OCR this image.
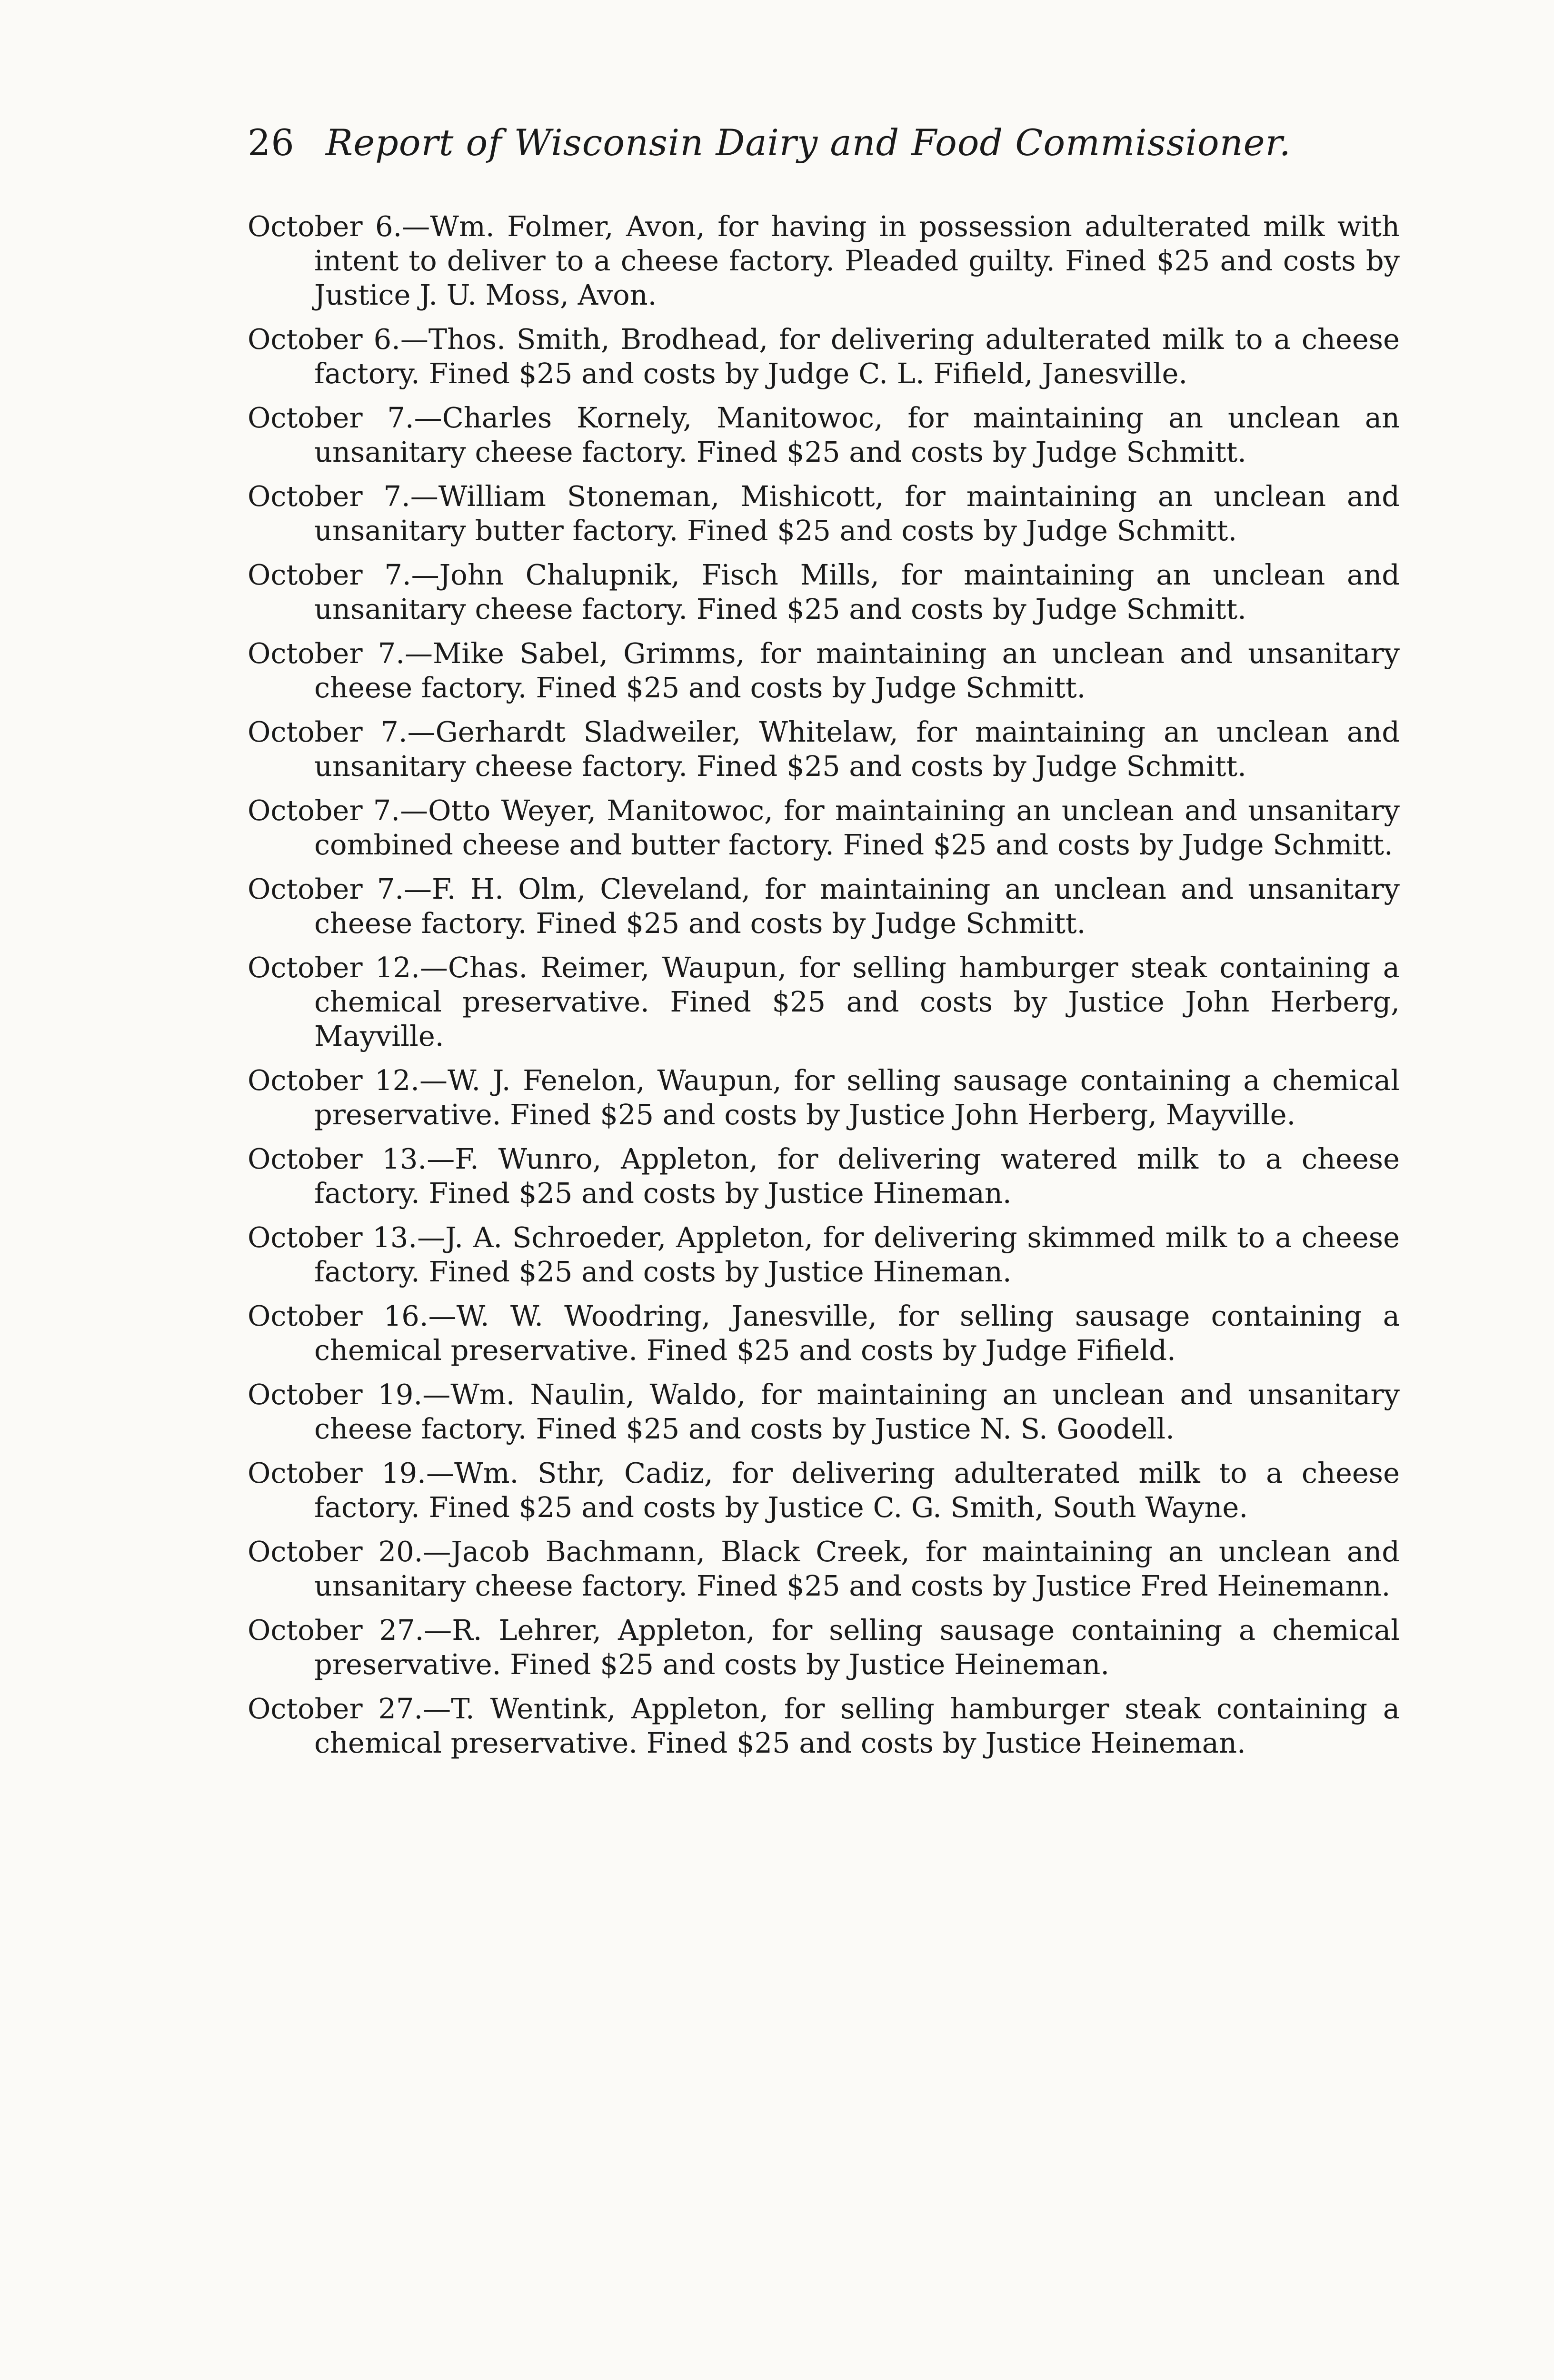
26 Report of Wisconsin Dairy and Food Commissioner.

October 6.—Wm. Folmer, Avon, for having in possession adulterated milk with intent to deliver to a cheese factory. Pleaded guilty. Fined $25 and costs by Justice J. U. Moss, Avon.

October 6.—Thos. Smith, Brodhead, for delivering adulterated milk to a cheese factory. Fined $25 and costs by Judge C. L. Fifield, Janesville.

October 7.—Charles Kornely, Manitowoc, for maintaining an unclean an unsanitary cheese factory. Fined $25 and costs by Judge Schmitt.

October 7.—William Stoneman, Mishicott, for maintaining an unclean and unsanitary butter factory. Fined $25 and costs by Judge Schmitt.

October 7.—John Chalupnik, Fisch Mills, for maintaining an unclean and unsanitary cheese factory. Fined $25 and costs by Judge Schmitt.

October 7.—Mike Sabel, Grimms, for maintaining an unclean and unsanitary cheese factory. Fined $25 and costs by Judge Schmitt.

October 7.—Gerhardt Sladweiler, Whitelaw, for maintaining an unclean and unsanitary cheese factory. Fined $25 and costs by Judge Schmitt.

October 7.—Otto Weyer, Manitowoc, for maintaining an unclean and unsanitary combined cheese and butter factory. Fined $25 and costs by Judge Schmitt.

October 7.—F. H. Olm, Cleveland, for maintaining an unclean and unsanitary cheese factory. Fined $25 and costs by Judge Schmitt.

October 12.—Chas. Reimer, Waupun, for selling hamburger steak containing a chemical preservative. Fined $25 and costs by Justice John Herberg, Mayville.

October 12.—W. J. Fenelon, Waupun, for selling sausage containing a chemical preservative. Fined $25 and costs by Justice John Herberg, Mayville.

October 13.—F. Wunro, Appleton, for delivering watered milk to a cheese factory. Fined $25 and costs by Justice Hineman.

October 13.—J. A. Schroeder, Appleton, for delivering skimmed milk to a cheese factory. Fined $25 and costs by Justice Hineman.

October 16.—W. W. Woodring, Janesville, for selling sausage containing a chemical preservative. Fined $25 and costs by Judge Fifield.

October 19.—Wm. Naulin, Waldo, for maintaining an unclean and unsanitary cheese factory. Fined $25 and costs by Justice N. S. Goodell.

October 19.—Wm. Sthr, Cadiz, for delivering adulterated milk to a cheese factory. Fined $25 and costs by Justice C. G. Smith, South Wayne.

October 20.—Jacob Bachmann, Black Creek, for maintaining an unclean and unsanitary cheese factory. Fined $25 and costs by Justice Fred Heinemann.

October 27.—R. Lehrer, Appleton, for selling sausage containing a chemical preservative. Fined $25 and costs by Justice Heineman.

October 27.—T. Wentink, Appleton, for selling hamburger steak containing a chemical preservative. Fined $25 and costs by Justice Heineman.
